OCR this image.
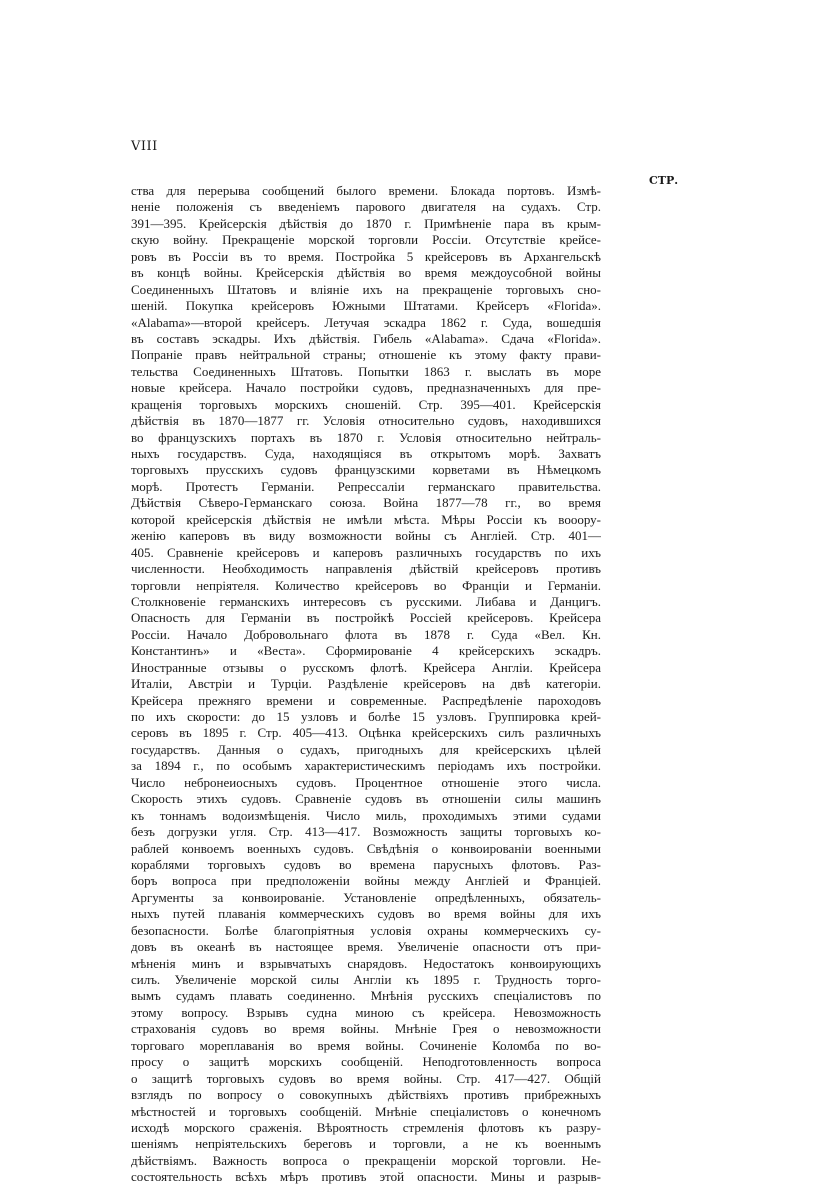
VIII
СТР.
ства для перерыва сообщений былого времени. Блокада портовъ. Измѣ-
неніе положенія съ введеніемъ парового двигателя на судахъ. Стр.
391—395. Крейсерскія дѣйствія до 1870 г. Примѣненіе пара въ крым-
скую войну. Прекращеніе морской торговли Россіи. Отсутствіе крейсе-
ровъ въ Россіи въ то время. Постройка 5 крейсеровъ въ Архангельскѣ
въ концѣ войны. Крейсерскія дѣйствія во время междоусобной войны
Соединенныхъ Штатовъ и вліяніе ихъ на прекращеніе торговыхъ сно-
шеній. Покупка крейсеровъ Южными Штатами. Крейсеръ «Florida».
«Alabama»—второй крейсеръ. Летучая эскадра 1862 г. Суда, вошедшія
въ составъ эскадры. Ихъ дѣйствія. Гибель «Alabama». Сдача «Florida».
Попраніе правъ нейтральной страны; отношеніе къ этому факту прави-
тельства Соединенныхъ Штатовъ. Попытки 1863 г. выслать въ море
новые крейсера. Начало постройки судовъ, предназначенныхъ для пре-
кращенія торговыхъ морскихъ сношеній. Стр. 395—401. Крейсерскія
дѣйствія въ 1870—1877 гг. Условія относительно судовъ, находившихся
во французскихъ портахъ въ 1870 г. Условія относительно нейтраль-
ныхъ государствъ. Суда, находящіяся въ открытомъ морѣ. Захватъ
торговыхъ прусскихъ судовъ французскими корветами въ Нѣмецкомъ
морѣ. Протестъ Германіи. Репрессаліи германскаго правительства.
Дѣйствія Сѣверо-Германскаго союза. Война 1877—78 гг., во время
которой крейсерскія дѣйствія не имѣли мѣста. Мѣры Россіи къ вооору-
женію каперовъ въ виду возможности войны съ Англіей. Стр. 401—
405. Сравненіе крейсеровъ и каперовъ различныхъ государствъ по ихъ
численности. Необходимость направленія дѣйствій крейсеровъ противъ
торговли непріятеля. Количество крейсеровъ во Франціи и Германіи.
Столкновеніе германскихъ интересовъ съ русскими. Либава и Данцигъ.
Опасность для Германіи въ постройкѣ Россіей крейсеровъ. Крейсера
Россіи. Начало Добровольнаго флота въ 1878 г. Суда «Вел. Кн.
Константинъ» и «Веста». Сформированіе 4 крейсерскихъ эскадръ.
Иностранные отзывы о русскомъ флотѣ. Крейсера Англіи. Крейсера
Италіи, Австріи и Турціи. Раздѣленіе крейсеровъ на двѣ категоріи.
Крейсера прежняго времени и современные. Распредѣленіе пароходовъ
по ихъ скорости: до 15 узловъ и болѣе 15 узловъ. Группировка крей-
серовъ въ 1895 г. Стр. 405—413. Оцѣнка крейсерскихъ силъ различныхъ
государствъ. Данныя о судахъ, пригодныхъ для крейсерскихъ цѣлей
за 1894 г., по особымъ характеристическимъ періодамъ ихъ постройки.
Число небронеиосныхъ судовъ. Процентное отношеніе этого числа.
Скорость этихъ судовъ. Сравненіе судовъ въ отношеніи силы машинъ
къ тоннамъ водоизмѣщенія. Число миль, проходимыхъ этими судами
безъ догрузки угля. Стр. 413—417. Возможность защиты торговыхъ ко-
раблей конвоемъ военныхъ судовъ. Свѣдѣнія о конвоированіи военными
кораблями торговыхъ судовъ во времена парусныхъ флотовъ. Раз-
боръ вопроса при предположеніи войны между Англіей и Франціей.
Аргументы за конвоированіе. Установленіе опредѣленныхъ, обязатель-
ныхъ путей плаванія коммерческихъ судовъ во время войны для ихъ
безопасности. Болѣе благопріятныя условія охраны коммерческихъ су-
довъ въ океанѣ въ настоящее время. Увеличеніе опасности отъ при-
мѣненія минъ и взрывчатыхъ снарядовъ. Недостатокъ конвоирующихъ
силъ. Увеличеніе морской силы Англіи къ 1895 г. Трудность торго-
вымъ судамъ плавать соединенно. Мнѣнія русскихъ спеціалистовъ по
этому вопросу. Взрывъ судна миною съ крейсера. Невозможность
страхованія судовъ во время войны. Мнѣніе Грея о невозможности
торговаго мореплаванія во время войны. Сочиненіе Коломба по во-
просу о защитѣ морскихъ сообщеній. Неподготовленность вопроса
о защитѣ торговыхъ судовъ во время войны. Стр. 417—427. Общій
взглядъ по вопросу о совокупныхъ дѣйствіяхъ противъ прибрежныхъ
мѣстностей и торговыхъ сообщеній. Мнѣніе спеціалистовъ о конечномъ
исходѣ морского сраженія. Вѣроятность стремленія флотовъ къ разру-
шеніямъ непріятельскихъ береговъ и торговли, а не къ военнымъ
дѣйствіямъ. Важность вопроса о прекращеніи морской торговли. Не-
состоятельность всѣхъ мѣръ противъ этой опасности. Мины и разрыв-
